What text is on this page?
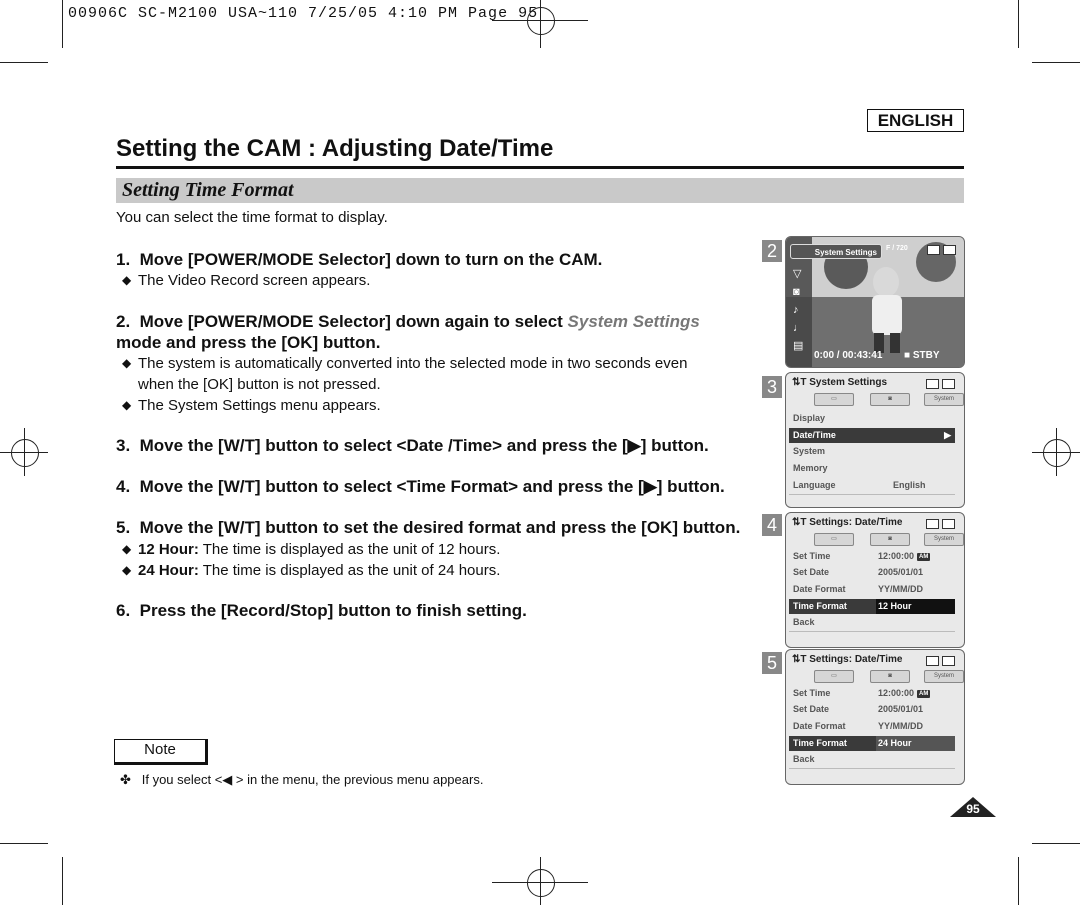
00906C SC-M2100 USA~110 7/25/05 4:10 PM Page 95
ENGLISH
Setting the CAM : Adjusting Date/Time
Setting Time Format
You can select the time format to display.
1. Move [POWER/MODE Selector] down to turn on the CAM.
◆ The Video Record screen appears.
2. Move [POWER/MODE Selector] down again to select System Settings mode and press the [OK] button.
◆ The system is automatically converted into the selected mode in two seconds even when the [OK] button is not pressed.
◆ The System Settings menu appears.
3. Move the [W/T] button to select <Date /Time> and press the [▶] button.
4. Move the [W/T] button to select <Time Format> and press the [▶] button.
5. Move the [W/T] button to set the desired format and press the [OK] button.
◆ 12 Hour: The time is displayed as the unit of 12 hours.
◆ 24 Hour: The time is displayed as the unit of 24 hours.
6. Press the [Record/Stop] button to finish setting.
Note
✤   If you select <◀ > in the menu, the previous menu appears.
2	System Settings	F / 720
▽
◙
♪
♩
▤
0:00 / 00:43:41 ■ STBY
3	⇅T System Settings
▭	◙	System
Display
Date/Time	▶
System
Memory
Language	English
4	⇅T Settings: Date/Time
▭	◙	System
Set Time	12:00:00 AM
Set Date	2005/01/01
Date Format	YY/MM/DD
Time Format	12 Hour
Back
5	⇅T Settings: Date/Time
▭	◙	System
Set Time	12:00:00 AM
Set Date	2005/01/01
Date Format	YY/MM/DD
Time Format	24 Hour
Back
95
